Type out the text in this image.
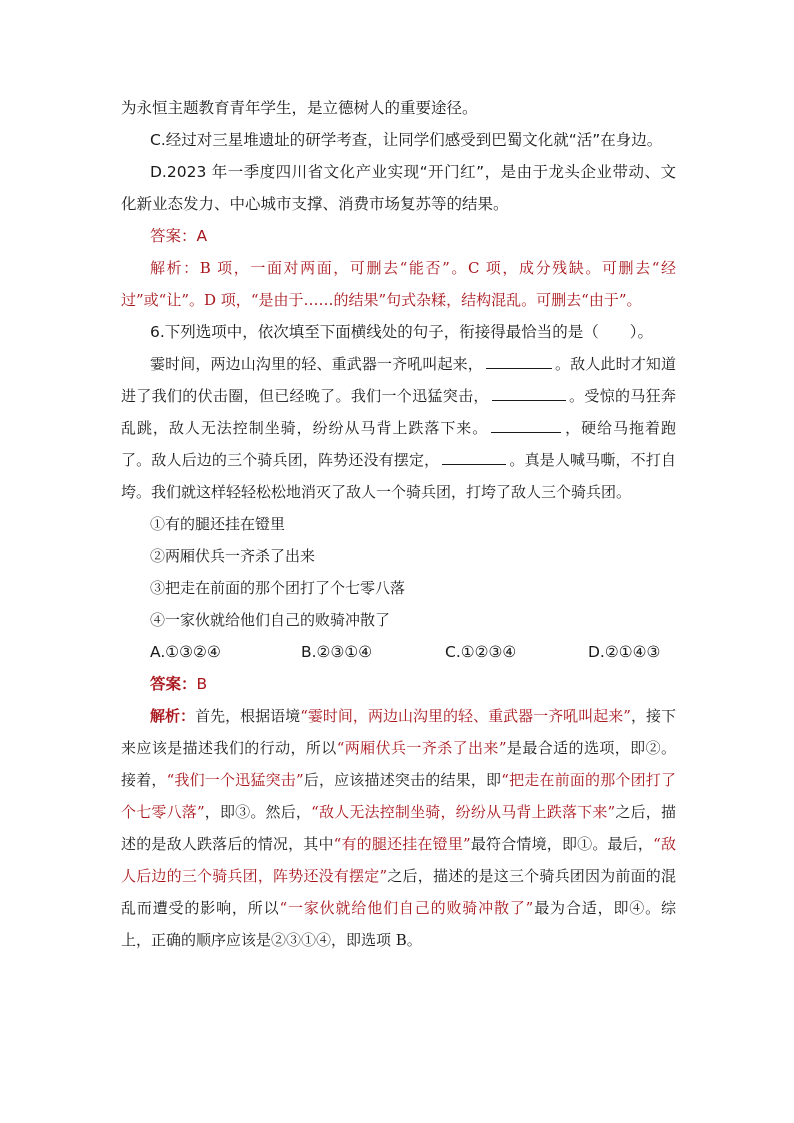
为永恒主题教育青年学生，是立德树人的重要途径。

C.经过对三星堆遗址的研学考查，让同学们感受到巴蜀文化就“活”在身边。

D.2023 年一季度四川省文化产业实现“开门红”，是由于龙头企业带动、文化新业态发力、中心城市支撑、消费市场复苏等的结果。

答案：A

解析：B 项，一面对两面，可删去“能否”。C 项，成分残缺。可删去“经过”或“让”。D 项，“是由于……的结果”句式杂糅，结构混乱。可删去“由于”。

6.下列选项中，依次填至下面横线处的句子，衔接得最恰当的是（　　）。

霎时间，两边山沟里的轻、重武器一齐吼叫起来，	。敌人此时才知道进了我们的伏击圈，但已经晚了。我们一个迅猛突击，	。受惊的马狂奔乱跳，敌人无法控制坐骑，纷纷从马背上跌落下来。	，硬给马拖着跑了。敌人后边的三个骑兵团，阵势还没有摆定，	。真是人喊马嘶，不打自垮。我们就这样轻轻松松地消灭了敌人一个骑兵团，打垮了敌人三个骑兵团。

①有的腿还挂在镫里

②两厢伏兵一齐杀了出来

③把走在前面的那个团打了个七零八落

④一家伙就给他们自己的败骑冲散了

A.①③②④	B.②③①④	C.①②③④	D.②①④③

答案：B

解析：首先，根据语境“霎时间，两边山沟里的轻、重武器一齐吼叫起来”，接下来应该是描述我们的行动，所以“两厢伏兵一齐杀了出来”是最合适的选项，即②。接着，“我们一个迅猛突击”后，应该描述突击的结果，即“把走在前面的那个团打了个七零八落”，即③。然后，“敌人无法控制坐骑，纷纷从马背上跌落下来”之后，描述的是敌人跌落后的情况，其中“有的腿还挂在镫里”最符合情境，即①。最后，“敌人后边的三个骑兵团，阵势还没有摆定”之后，描述的是这三个骑兵团因为前面的混乱而遭受的影响，所以“一家伙就给他们自己的败骑冲散了”最为合适，即④。综上，正确的顺序应该是②③①④，即选项 B。
